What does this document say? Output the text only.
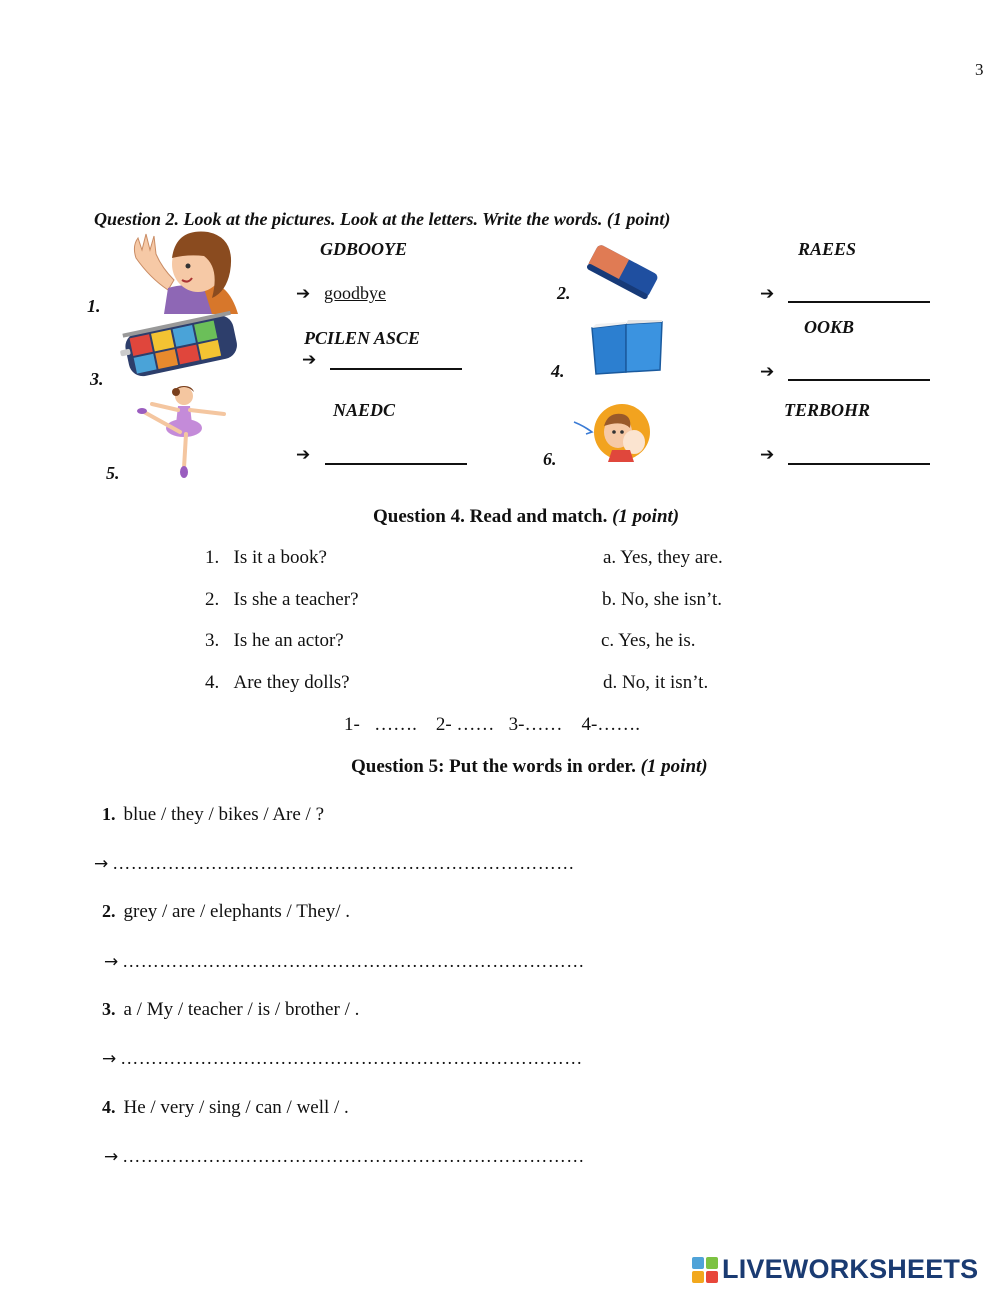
3
Question 2. Look at the pictures. Look at the letters. Write the words. (1 point)
1.
GDBOOYE
➔ goodbye	2.
RAEES
➔
3.
PCILEN ASCE
➔
4.
OOKB
➔
5.
NAEDC
➔	6.
TERBOHR
➔
Question 4. Read and match. (1 point)
1. Is it a book?
2. Is she a teacher?
3. Is he an actor?
4. Are they dolls?
a. Yes, they are.
b. No, she isn’t.
c. Yes, he is.
d. No, it isn’t.
1-   …….    2- ……   3-……    4-…….
Question 5: Put the words in order. (1 point)
1. blue / they / bikes / Are / ?
→ …………………………………………………………………
2. grey / are / elephants / They/ .
→ …………………………………………………………………
3. a / My / teacher / is / brother / .
→ …………………………………………………………………
4. He / very / sing / can / well / .
→ …………………………………………………………………
LIVEWORKSHEETS
